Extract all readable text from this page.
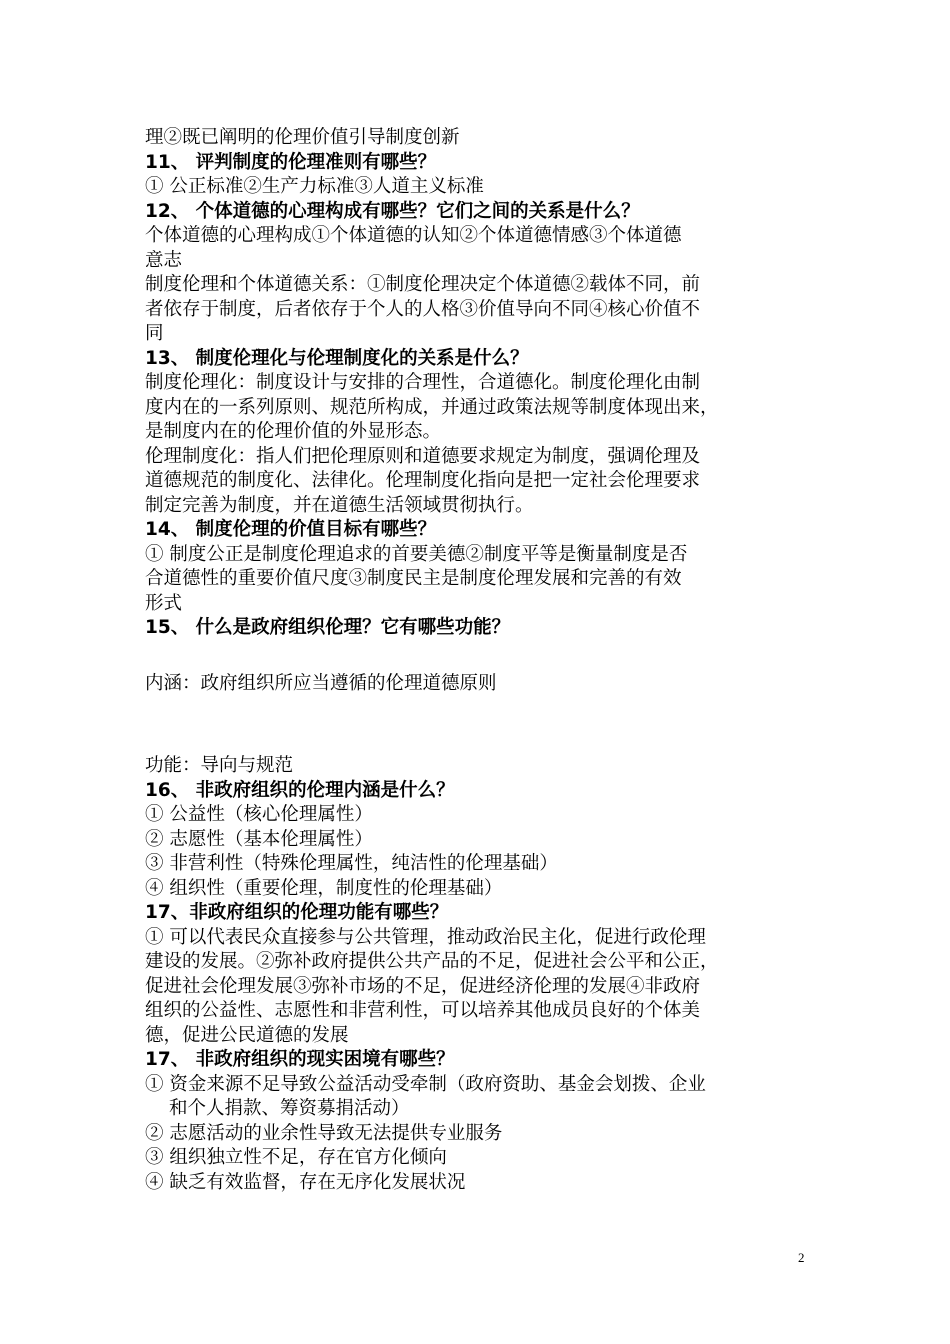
理②既已阐明的伦理价值引导制度创新
11、 评判制度的伦理准则有哪些？
① 公正标准②生产力标准③人道主义标准
12、 个体道德的心理构成有哪些？它们之间的关系是什么？
个体道德的心理构成①个体道德的认知②个体道德情感③个体道德
意志
制度伦理和个体道德关系：①制度伦理决定个体道德②载体不同，前
者依存于制度，后者依存于个人的人格③价值导向不同④核心价值不
同
13、 制度伦理化与伦理制度化的关系是什么？
制度伦理化：制度设计与安排的合理性，合道德化。制度伦理化由制
度内在的一系列原则、规范所构成，并通过政策法规等制度体现出来，
是制度内在的伦理价值的外显形态。
伦理制度化：指人们把伦理原则和道德要求规定为制度，强调伦理及
道德规范的制度化、法律化。伦理制度化指向是把一定社会伦理要求
制定完善为制度，并在道德生活领域贯彻执行。
14、 制度伦理的价值目标有哪些？
① 制度公正是制度伦理追求的首要美德②制度平等是衡量制度是否
合道德性的重要价值尺度③制度民主是制度伦理发展和完善的有效
形式
15、 什么是政府组织伦理？它有哪些功能？
内涵：政府组织所应当遵循的伦理道德原则
功能：导向与规范
16、 非政府组织的伦理内涵是什么？
① 公益性（核心伦理属性）
② 志愿性（基本伦理属性）
③ 非营利性（特殊伦理属性，纯洁性的伦理基础）
④ 组织性（重要伦理，制度性的伦理基础）
17、非政府组织的伦理功能有哪些？
① 可以代表民众直接参与公共管理，推动政治民主化，促进行政伦理
建设的发展。②弥补政府提供公共产品的不足，促进社会公平和公正，
促进社会伦理发展③弥补市场的不足，促进经济伦理的发展④非政府
组织的公益性、志愿性和非营利性，可以培养其他成员良好的个体美
德，促进公民道德的发展
17、 非政府组织的现实困境有哪些？
① 资金来源不足导致公益活动受牵制（政府资助、基金会划拨、企业
和个人捐款、筹资募捐活动）
② 志愿活动的业余性导致无法提供专业服务
③ 组织独立性不足，存在官方化倾向
④ 缺乏有效监督，存在无序化发展状况
2
